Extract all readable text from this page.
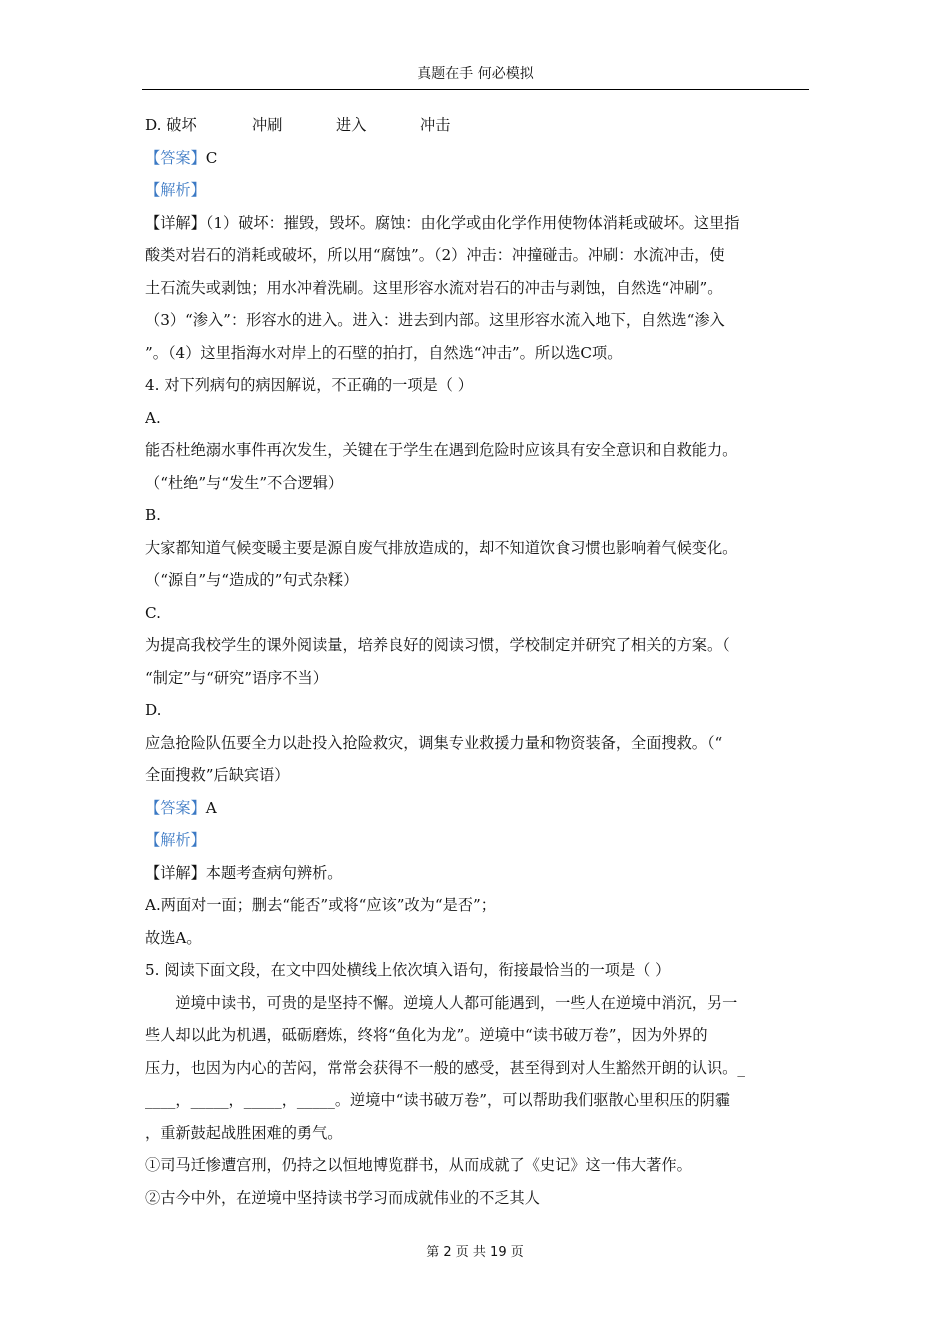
真题在手 何必模拟
D. 破坏	冲刷	进入	冲击
【答案】C
【解析】
【详解】（1）破坏：摧毁，毁坏。腐蚀：由化学或由化学作用使物体消耗或破坏。这里指
酸类对岩石的消耗或破坏，所以用“腐蚀”。（2）冲击：冲撞碰击。冲刷：水流冲击，使
土石流失或剥蚀；用水冲着洗刷。这里形容水流对岩石的冲击与剥蚀，自然选“冲刷”。
（3）“渗入”：形容水的进入。进入：进去到内部。这里形容水流入地下，自然选“渗入
”。（4）这里指海水对岸上的石壁的拍打，自然选“冲击”。所以选C项。
4. 对下列病句的病因解说，不正确的一项是（ ）
A.
能否杜绝溺水事件再次发生，关键在于学生在遇到危险时应该具有安全意识和自救能力。
（“杜绝”与“发生”不合逻辑）
B.
大家都知道气候变暖主要是源自废气排放造成的，却不知道饮食习惯也影响着气候变化。
（“源自”与“造成的”句式杂糅）
C.
为提高我校学生的课外阅读量，培养良好的阅读习惯，学校制定并研究了相关的方案。（
“制定”与“研究”语序不当）
D.
应急抢险队伍要全力以赴投入抢险救灾，调集专业救援力量和物资装备，全面搜救。（“
全面搜救”后缺宾语）
【答案】A
【解析】
【详解】本题考查病句辨析。
A.两面对一面；删去“能否”或将“应该”改为“是否”；
故选A。
5. 阅读下面文段，在文中四处横线上依次填入语句，衔接最恰当的一项是（ ）
逆境中读书，可贵的是坚持不懈。逆境人人都可能遇到，一些人在逆境中消沉，另一
些人却以此为机遇，砥砺磨炼，终将“鱼化为龙”。逆境中“读书破万卷”，因为外界的
压力，也因为内心的苦闷，常常会获得不一般的感受，甚至得到对人生豁然开朗的认识。_
____，_____，_____，_____。逆境中“读书破万卷”，可以帮助我们驱散心里积压的阴霾
，重新鼓起战胜困难的勇气。
①司马迁惨遭宫刑，仍持之以恒地博览群书，从而成就了《史记》这一伟大著作。
②古今中外，在逆境中坚持读书学习而成就伟业的不乏其人
第 2 页 共 19 页
